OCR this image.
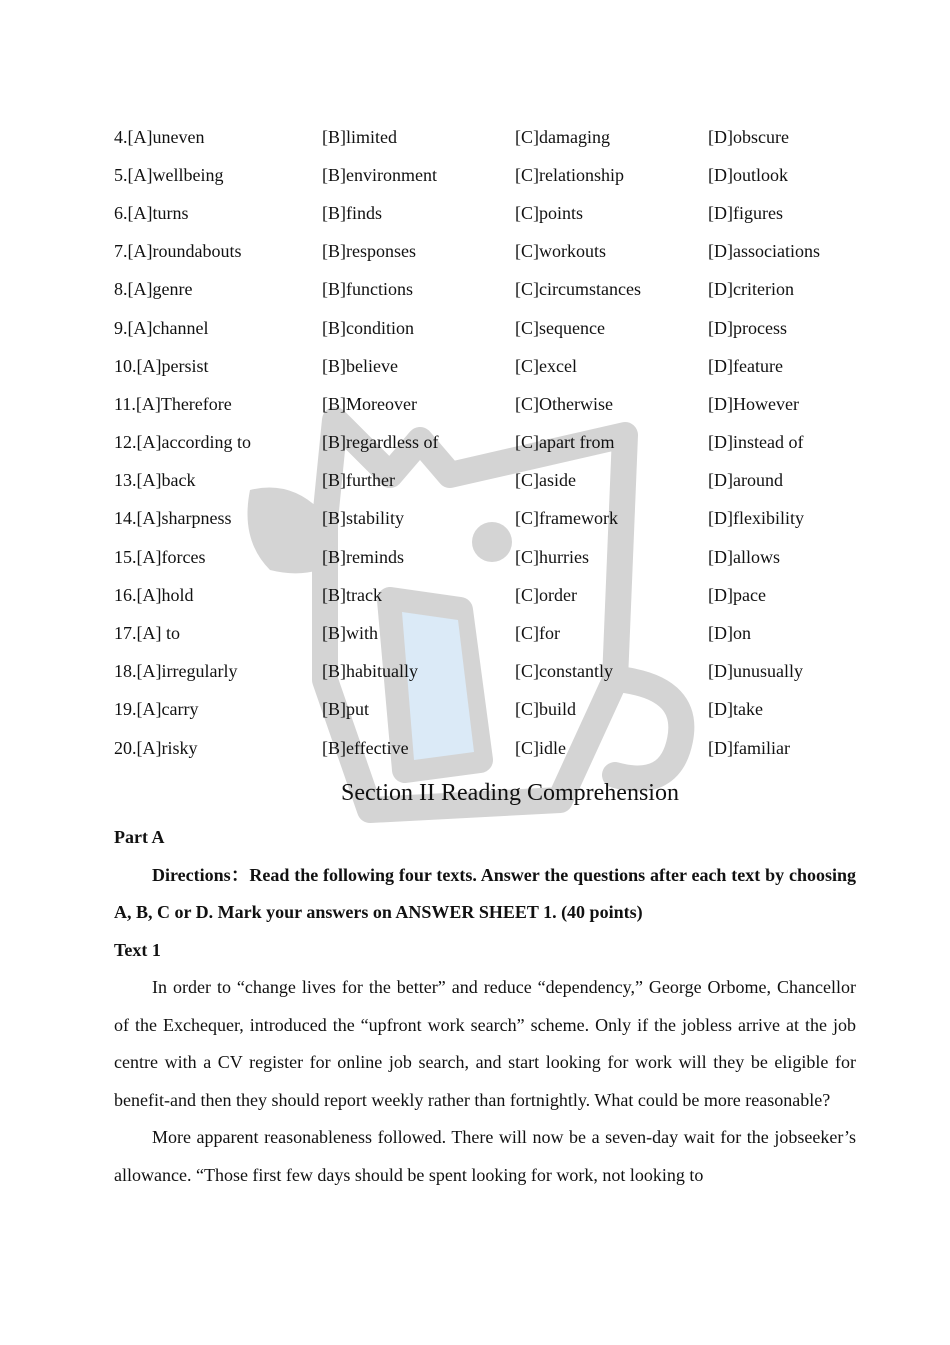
4.[A]uneven	[B]limited	[C]damaging	[D]obscure
5.[A]wellbeing	[B]environment	[C]relationship	[D]outlook
6.[A]turns	[B]finds	[C]points	[D]figures
7.[A]roundabouts	[B]responses	[C]workouts	[D]associations
8.[A]genre	[B]functions	[C]circumstances	[D]criterion
9.[A]channel	[B]condition	[C]sequence	[D]process
10.[A]persist	[B]believe	[C]excel	[D]feature
11.[A]Therefore	[B]Moreover	[C]Otherwise	[D]However
12.[A]according to	[B]regardless of	[C]apart from	[D]instead of
13.[A]back	[B]further	[C]aside	[D]around
14.[A]sharpness	[B]stability	[C]framework	[D]flexibility
15.[A]forces	[B]reminds	[C]hurries	[D]allows
16.[A]hold	[B]track	[C]order	[D]pace
17.[A] to	[B]with	[C]for	[D]on
18.[A]irregularly	[B]habitually	[C]constantly	[D]unusually
19.[A]carry	[B]put	[C]build	[D]take
20.[A]risky	[B]effective	[C]idle	[D]familiar
Section II Reading Comprehension
Part A

Directions：Read the following four texts. Answer the questions after each text by choosing A, B, C or D. Mark your answers on ANSWER SHEET 1. (40 points)

Text 1

In order to “change lives for the better” and reduce “dependency,” George Orbome, Chancellor of the Exchequer, introduced the “upfront work search” scheme. Only if the jobless arrive at the job centre with a CV register for online job search, and start looking for work will they be eligible for benefit-and then they should report weekly rather than fortnightly. What could be more reasonable?

More apparent reasonableness followed. There will now be a seven-day wait for the jobseeker’s allowance. “Those first few days should be spent looking for work, not looking to
